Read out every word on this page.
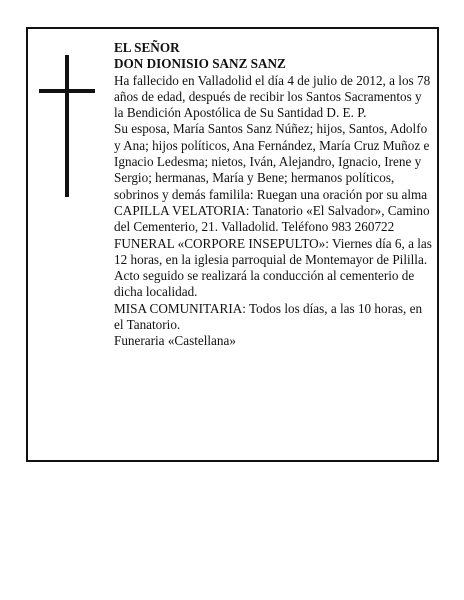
EL SEÑOR

DON DIONISIO SANZ SANZ

Ha fallecido en Valladolid el día 4 de julio de 2012, a los 78 años de edad, después de recibir los Santos Sacramentos y la Bendición Apostólica de Su Santidad D. E. P.

Su esposa, María Santos Sanz Núñez; hijos, Santos, Adolfo y Ana; hijos políticos, Ana Fernández, María Cruz Muñoz e Ignacio Ledesma; nietos, Iván, Alejandro, Ignacio, Irene y Sergio; hermanas, María y Bene; hermanos políticos, sobrinos y demás familila: Ruegan una oración por su alma

CAPILLA VELATORIA: Tanatorio «El Salvador», Camino del Cementerio, 21. Valladolid. Teléfono 983 260722

FUNERAL «CORPORE INSEPULTO»: Viernes día 6, a las 12 horas, en la iglesia parroquial de Montemayor de Pililla. Acto seguido se realizará la conducción al cementerio de dicha localidad.

MISA COMUNITARIA: Todos los días, a las 10 horas, en el Tanatorio.

Funeraria «Castellana»
